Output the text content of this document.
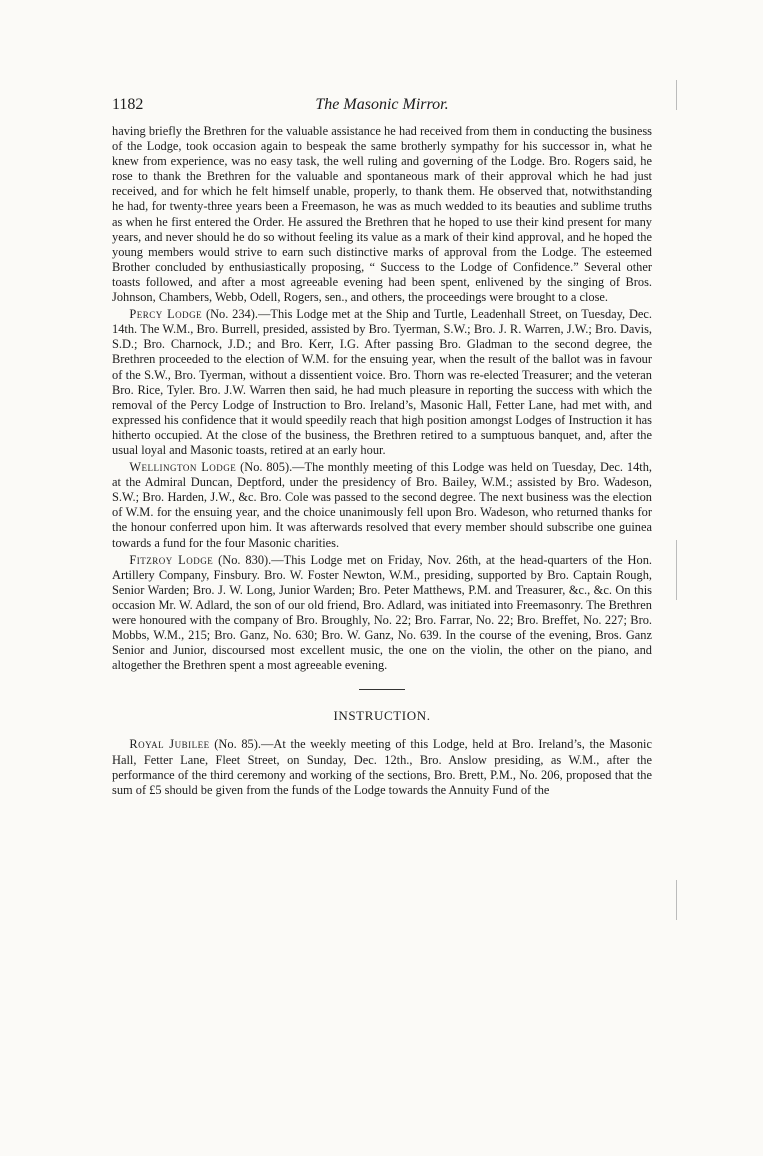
1182	The Masonic Mirror.

having briefly the Brethren for the valuable assistance he had received from them in conducting the business of the Lodge, took occasion again to bespeak the same brotherly sympathy for his successor in, what he knew from experience, was no easy task, the well ruling and governing of the Lodge. Bro. Rogers said, he rose to thank the Brethren for the valuable and spontaneous mark of their approval which he had just received, and for which he felt himself unable, properly, to thank them. He observed that, notwithstanding he had, for twenty-three years been a Freemason, he was as much wedded to its beauties and sublime truths as when he first entered the Order. He assured the Brethren that he hoped to use their kind present for many years, and never should he do so without feeling its value as a mark of their kind approval, and he hoped the young members would strive to earn such distinctive marks of approval from the Lodge. The esteemed Brother concluded by enthusiastically proposing, “ Success to the Lodge of Confidence.” Several other toasts followed, and after a most agreeable evening had been spent, enlivened by the singing of Bros. Johnson, Chambers, Webb, Odell, Rogers, sen., and others, the proceedings were brought to a close.

Percy Lodge (No. 234).—This Lodge met at the Ship and Turtle, Leadenhall Street, on Tuesday, Dec. 14th. The W.M., Bro. Burrell, presided, assisted by Bro. Tyerman, S.W.; Bro. J. R. Warren, J.W.; Bro. Davis, S.D.; Bro. Charnock, J.D.; and Bro. Kerr, I.G. After passing Bro. Gladman to the second degree, the Brethren proceeded to the election of W.M. for the ensuing year, when the result of the ballot was in favour of the S.W., Bro. Tyerman, without a dissentient voice. Bro. Thorn was re-elected Treasurer; and the veteran Bro. Rice, Tyler. Bro. J.W. Warren then said, he had much pleasure in reporting the success with which the removal of the Percy Lodge of Instruction to Bro. Ireland’s, Masonic Hall, Fetter Lane, had met with, and expressed his confidence that it would speedily reach that high position amongst Lodges of Instruction it has hitherto occupied. At the close of the business, the Brethren retired to a sumptuous banquet, and, after the usual loyal and Masonic toasts, retired at an early hour.

Wellington Lodge (No. 805).—The monthly meeting of this Lodge was held on Tuesday, Dec. 14th, at the Admiral Duncan, Deptford, under the presidency of Bro. Bailey, W.M.; assisted by Bro. Wadeson, S.W.; Bro. Harden, J.W., &c. Bro. Cole was passed to the second degree. The next business was the election of W.M. for the ensuing year, and the choice unanimously fell upon Bro. Wadeson, who returned thanks for the honour conferred upon him. It was afterwards resolved that every member should subscribe one guinea towards a fund for the four Masonic charities.

Fitzroy Lodge (No. 830).—This Lodge met on Friday, Nov. 26th, at the head-quarters of the Hon. Artillery Company, Finsbury. Bro. W. Foster Newton, W.M., presiding, supported by Bro. Captain Rough, Senior Warden; Bro. J. W. Long, Junior Warden; Bro. Peter Matthews, P.M. and Treasurer, &c., &c. On this occasion Mr. W. Adlard, the son of our old friend, Bro. Adlard, was initiated into Freemasonry. The Brethren were honoured with the company of Bro. Broughly, No. 22; Bro. Farrar, No. 22; Bro. Breffet, No. 227; Bro. Mobbs, W.M., 215; Bro. Ganz, No. 630; Bro. W. Ganz, No. 639. In the course of the evening, Bros. Ganz Senior and Junior, discoursed most excellent music, the one on the violin, the other on the piano, and altogether the Brethren spent a most agreeable evening.

INSTRUCTION.

Royal Jubilee (No. 85).—At the weekly meeting of this Lodge, held at Bro. Ireland’s, the Masonic Hall, Fetter Lane, Fleet Street, on Sunday, Dec. 12th., Bro. Anslow presiding, as W.M., after the performance of the third ceremony and working of the sections, Bro. Brett, P.M., No. 206, proposed that the sum of £5 should be given from the funds of the Lodge towards the Annuity Fund of the
